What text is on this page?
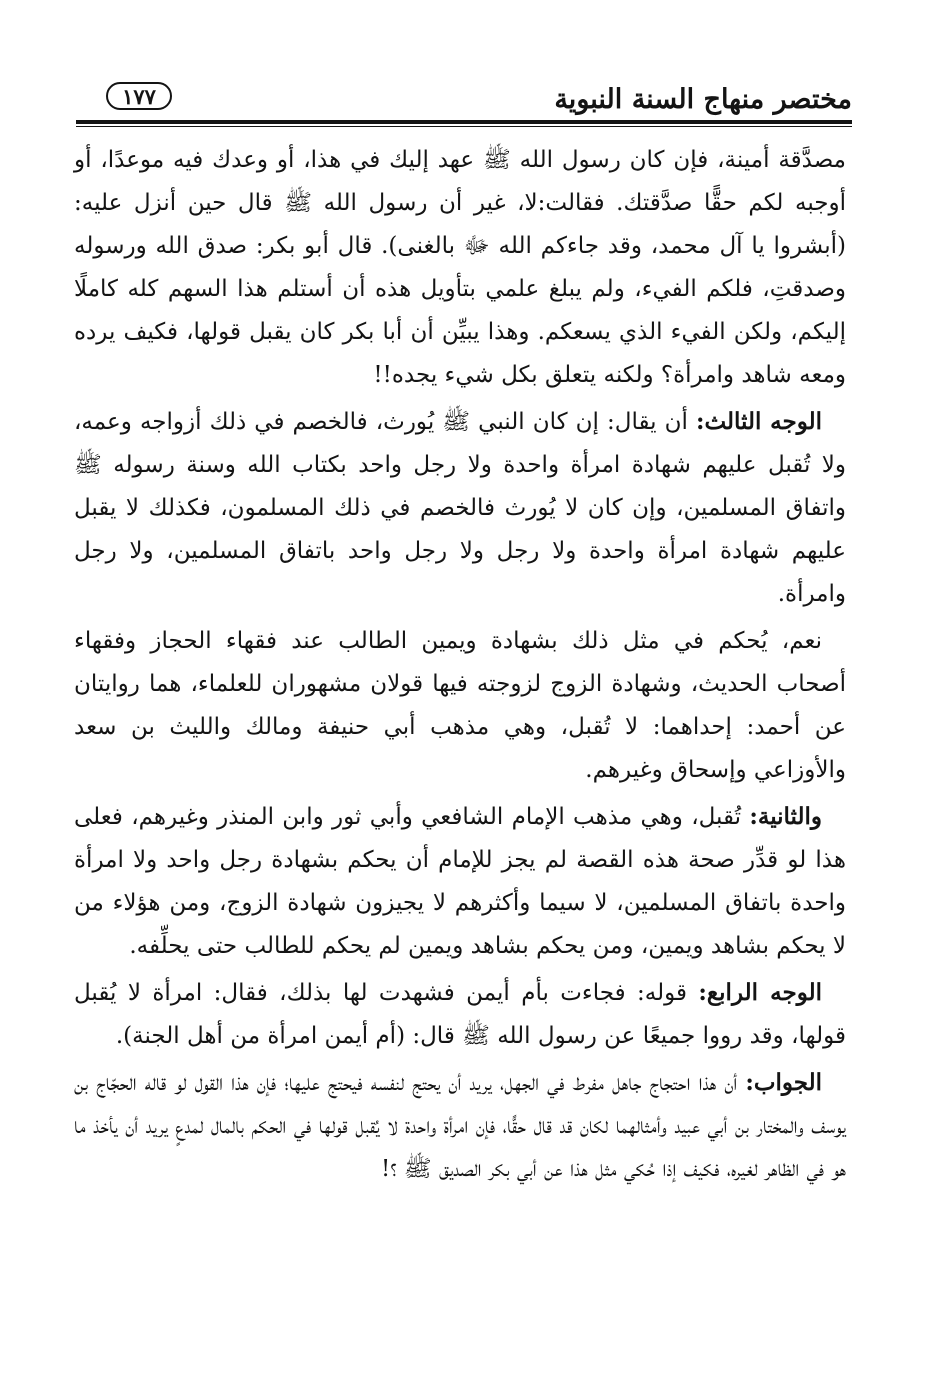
مختصر منهاج السنة النبوية
١٧٧

مصدَّقة أمينة، فإن كان رسول الله ﷺ عهد إليك في هذا، أو وعدك فيه موعدًا، أو أوجبه لكم حقًّا صدَّقتك. فقالت:لا، غير أن رسول الله ﷺ قال حين أنزل عليه: (أبشروا يا آل محمد، وقد جاءكم الله ﷻ بالغنى). قال أبو بكر: صدق الله ورسوله وصدقتِ، فلكم الفيء، ولم يبلغ علمي بتأويل هذه أن أستلم هذا السهم كله كاملًا إليكم، ولكن الفيء الذي يسعكم. وهذا يبيِّن أن أبا بكر كان يقبل قولها، فكيف يرده ومعه شاهد وامرأة؟ ولكنه يتعلق بكل شيء يجده!!

الوجه الثالث: أن يقال: إن كان النبي ﷺ يُورث، فالخصم في ذلك أزواجه وعمه، ولا تُقبل عليهم شهادة امرأة واحدة ولا رجل واحد بكتاب الله وسنة رسوله ﷺ واتفاق المسلمين، وإن كان لا يُورث فالخصم في ذلك المسلمون، فكذلك لا يقبل عليهم شهادة امرأة واحدة ولا رجل ولا رجل واحد باتفاق المسلمين، ولا رجل وامرأة.

نعم، يُحكم في مثل ذلك بشهادة ويمين الطالب عند فقهاء الحجاز وفقهاء أصحاب الحديث، وشهادة الزوج لزوجته فيها قولان مشهوران للعلماء، هما روايتان عن أحمد: إحداهما: لا تُقبل، وهي مذهب أبي حنيفة ومالك والليث بن سعد والأوزاعي وإسحاق وغيرهم.

والثانية: تُقبل، وهي مذهب الإمام الشافعي وأبي ثور وابن المنذر وغيرهم، فعلى هذا لو قدِّر صحة هذه القصة لم يجز للإمام أن يحكم بشهادة رجل واحد ولا امرأة واحدة باتفاق المسلمين، لا سيما وأكثرهم لا يجيزون شهادة الزوج، ومن هؤلاء من لا يحكم بشاهد ويمين، ومن يحكم بشاهد ويمين لم يحكم للطالب حتى يحلِّفه.

الوجه الرابع: قوله: فجاءت بأم أيمن فشهدت لها بذلك، فقال: امرأة لا يُقبل قولها، وقد رووا جميعًا عن رسول الله ﷺ قال: (أم أيمن امرأة من أهل الجنة).

الجواب: أن هذا احتجاج جاهل مفرط في الجهل، يريد أن يحتج لنفسه فيحتج عليها؛ فإن هذا القول لو قاله الحجّاج بن يوسف والمختار بن أبي عبيد وأمثالهما لكان قد قال حقًّا، فإن امرأة واحدة لا يُقبل قولها في الحكم بالمال لمدعٍ يريد أن يأخذ ما هو في الظاهر لغيره، فكيف إذا حُكي مثل هذا عن أبي بكر الصديق ﷺ ؟!
